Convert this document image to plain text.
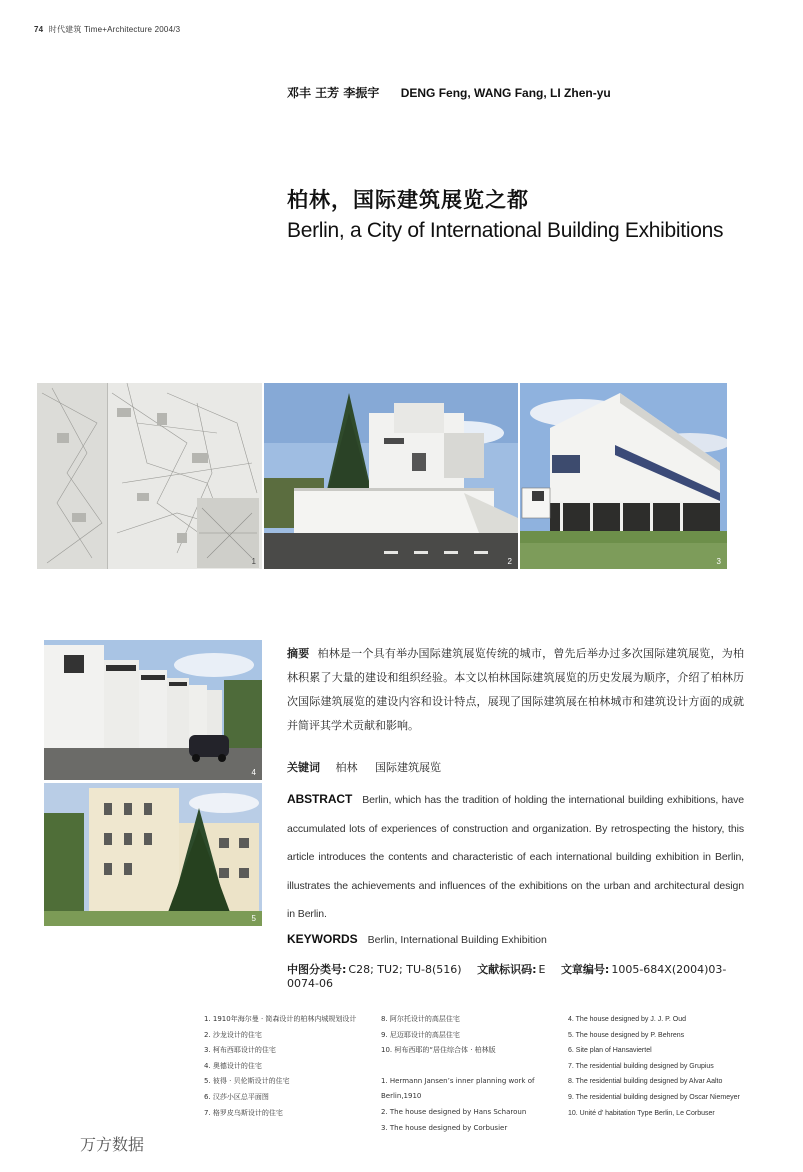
74 时代建筑 Time+Architecture 2004/3
邓丰 王芳 李振宇 DENG Feng, WANG Fang, LI Zhen-yu
柏林，国际建筑展览之都
Berlin, a City of International Building Exhibitions
1	2	3
4
5
摘要 柏林是一个具有举办国际建筑展览传统的城市，曾先后举办过多次国际建筑展览，为柏林积累了大量的建设和组织经验。本文以柏林国际建筑展览的历史发展为顺序，介绍了柏林历次国际建筑展览的建设内容和设计特点，展现了国际建筑展在柏林城市和建筑设计方面的成就并简评其学术贡献和影响。
关键词 柏林 国际建筑展览
ABSTRACT Berlin, which has the tradition of holding the international building exhibitions, have accumulated lots of experiences of construction and organization. By retrospecting the history, this article introduces the contents and characteristic of each international building exhibition in Berlin, illustrates the achievements and influences of the exhibitions on the urban and architectural design in Berlin.
KEYWORDS Berlin, International Building Exhibition
中图分类号: C28; TU2; TU-8(516) 文献标识码: E 文章编号: 1005-684X(2004)03-0074-06
1. 1910年海尔曼 · 简森设计的柏林内城规划设计
2. 沙龙设计的住宅
3. 柯布西耶设计的住宅
4. 奥德设计的住宅
5. 彼得 · 贝伦斯设计的住宅
6. 汉莎小区总平面图
7. 格罗皮乌斯设计的住宅
8. 阿尔托设计的高层住宅
9. 尼迈耶设计的高层住宅
10. 柯布西耶的“居住综合体 · 柏林版
1. Hermann Jansen’s inner planning work of Berlin,1910
2. The house designed by Hans Scharoun
3. The house designed by Corbusier
4. The house designed by J. J. P. Oud
5. The house designed by P. Behrens
6. Site plan of Hansaviertel
7. The residential building designed by Grupius
8. The residential building designed by Alvar Aalto
9. The residential building designed by Oscar Niemeyer
10. Unité d’ habitation Type Berlin, Le Corbuser
万方数据
